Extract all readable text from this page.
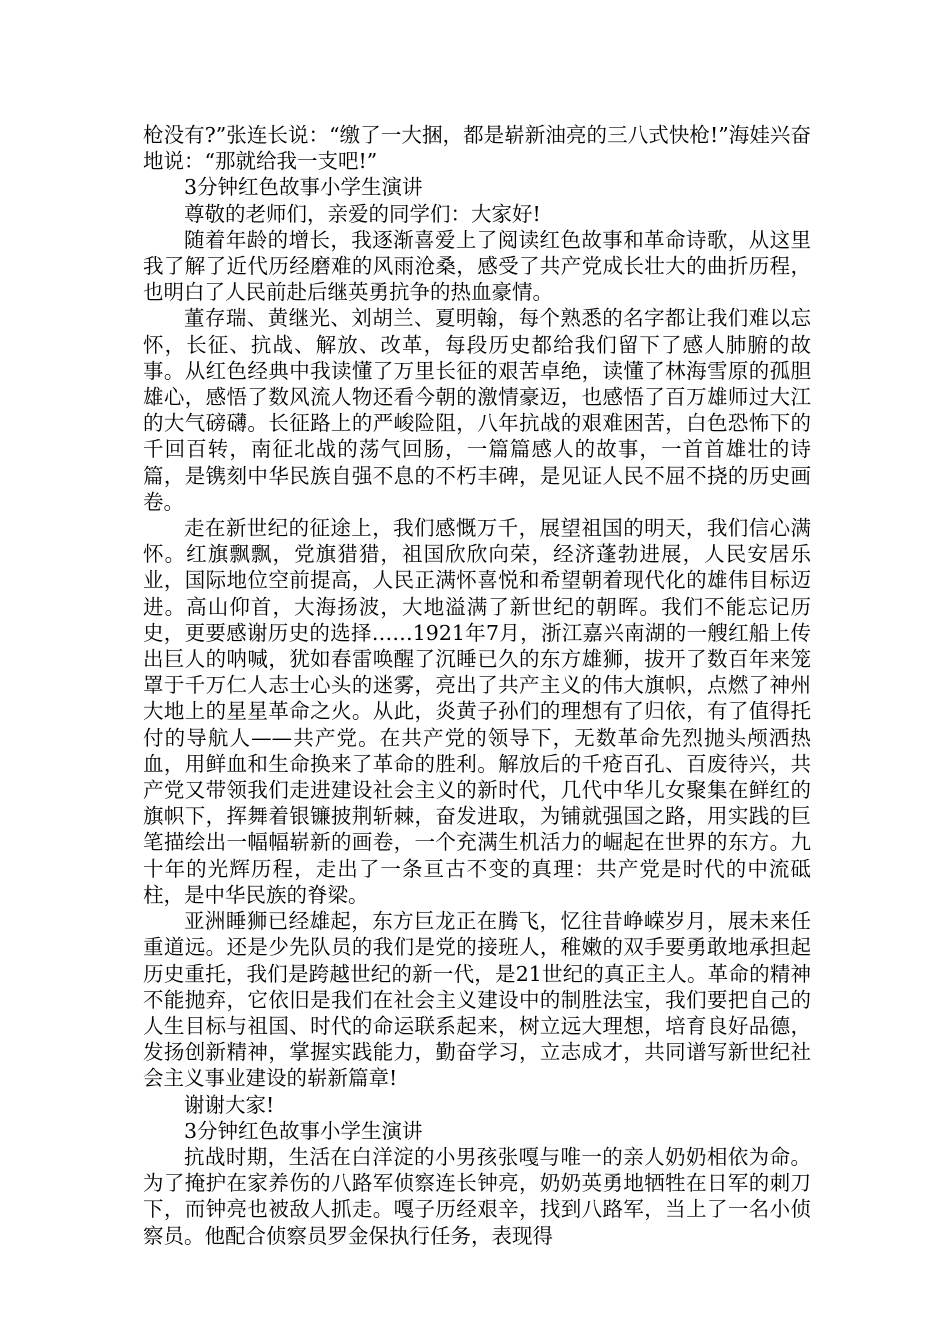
枪没有?”张连长说：“缴了一大捆，都是崭新油亮的三八式快枪!”海娃兴奋地说：“那就给我一支吧!”

3分钟红色故事小学生演讲

尊敬的老师们，亲爱的同学们：大家好!

随着年龄的增长，我逐渐喜爱上了阅读红色故事和革命诗歌，从这里我了解了近代历经磨难的风雨沧桑，感受了共产党成长壮大的曲折历程，也明白了人民前赴后继英勇抗争的热血豪情。

董存瑞、黄继光、刘胡兰、夏明翰，每个熟悉的名字都让我们难以忘怀，长征、抗战、解放、改革，每段历史都给我们留下了感人肺腑的故事。从红色经典中我读懂了万里长征的艰苦卓绝，读懂了林海雪原的孤胆雄心，感悟了数风流人物还看今朝的激情豪迈，也感悟了百万雄师过大江的大气磅礴。长征路上的严峻险阻，八年抗战的艰难困苦，白色恐怖下的千回百转，南征北战的荡气回肠，一篇篇感人的故事，一首首雄壮的诗篇，是镌刻中华民族自强不息的不朽丰碑，是见证人民不屈不挠的历史画卷。

走在新世纪的征途上，我们感慨万千，展望祖国的明天，我们信心满怀。红旗飘飘，党旗猎猎，祖国欣欣向荣，经济蓬勃进展，人民安居乐业，国际地位空前提高，人民正满怀喜悦和希望朝着现代化的雄伟目标迈进。高山仰首，大海扬波，大地溢满了新世纪的朝晖。我们不能忘记历史，更要感谢历史的选择……1921年7月，浙江嘉兴南湖的一艘红船上传出巨人的呐喊，犹如春雷唤醒了沉睡已久的东方雄狮，拔开了数百年来笼罩于千万仁人志士心头的迷雾，亮出了共产主义的伟大旗帜，点燃了神州大地上的星星革命之火。从此，炎黄子孙们的理想有了归依，有了值得托付的导航人——共产党。在共产党的领导下，无数革命先烈抛头颅洒热血，用鲜血和生命换来了革命的胜利。解放后的千疮百孔、百废待兴，共产党又带领我们走进建设社会主义的新时代，几代中华儿女聚集在鲜红的旗帜下，挥舞着银镰披荆斩棘，奋发进取，为铺就强国之路，用实践的巨笔描绘出一幅幅崭新的画卷，一个充满生机活力的崛起在世界的东方。九十年的光辉历程，走出了一条亘古不变的真理：共产党是时代的中流砥柱，是中华民族的脊梁。

亚洲睡狮已经雄起，东方巨龙正在腾飞，忆往昔峥嵘岁月，展未来任重道远。还是少先队员的我们是党的接班人，稚嫩的双手要勇敢地承担起历史重托，我们是跨越世纪的新一代，是21世纪的真正主人。革命的精神不能抛弃，它依旧是我们在社会主义建设中的制胜法宝，我们要把自己的人生目标与祖国、时代的命运联系起来，树立远大理想，培育良好品德，发扬创新精神，掌握实践能力，勤奋学习，立志成才，共同谱写新世纪社会主义事业建设的崭新篇章!

谢谢大家!

3分钟红色故事小学生演讲

抗战时期，生活在白洋淀的小男孩张嘎与唯一的亲人奶奶相依为命。为了掩护在家养伤的八路军侦察连长钟亮，奶奶英勇地牺牲在日军的刺刀下，而钟亮也被敌人抓走。嘎子历经艰辛，找到八路军，当上了一名小侦察员。他配合侦察员罗金保执行任务，表现得
